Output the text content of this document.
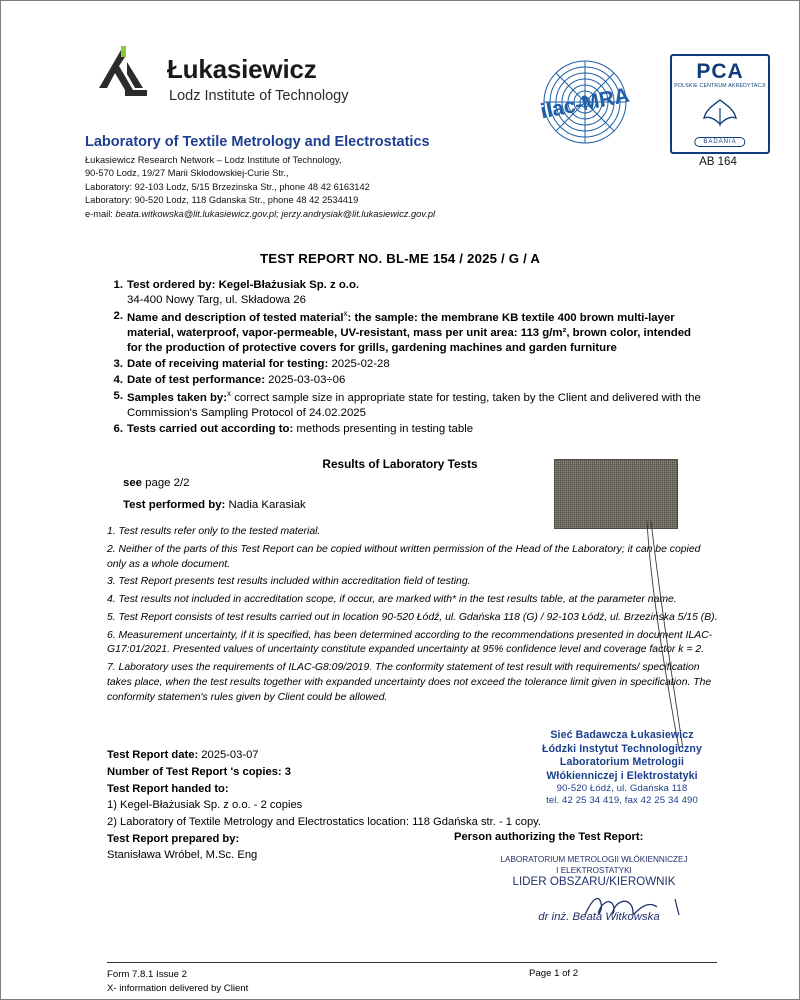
Łukasiewicz
Lodz Institute of Technology	ilac-MRA
PCA
POLSKIE CENTRUM AKREDYTACJI
BADANIA
AB 164
Laboratory of Textile Metrology and Electrostatics
Łukasiewicz Research Network – Lodz Institute of Technology,
90-570 Lodz, 19/27 Marii Skłodowskiej-Curie Str.,
Laboratory: 92-103 Lodz, 5/15 Brzezinska Str., phone 48 42 6163142
Laboratory: 90-520 Lodz, 118 Gdanska Str., phone 48 42 2534419
e-mail: beata.witkowska@lit.lukasiewicz.gov.pl; jerzy.andrysiak@lit.lukasiewicz.gov.pl
TEST REPORT NO. BL-ME 154 / 2025 / G / A
1. Test ordered by: Kegel-Błażusiak Sp. z o.o.
34-400 Nowy Targ, ul. Składowa 26
2. Name and description of tested material$^x$: the sample: the membrane KB textile 400 brown multi-layer material, waterproof, vapor-permeable, UV-resistant, mass per unit area: 113 g/m², brown color, intended for the production of protective covers for grills, gardening machines and garden furniture
3. Date of receiving material for testing: 2025-02-28
4. Date of test performance: 2025-03-03÷06
5. Samples taken by:$^x$ correct sample size in appropriate state for testing, taken by the Client and delivered with the Commission's Sampling Protocol of 24.02.2025
6. Tests carried out according to: methods presenting in testing table
Results of Laboratory Tests
see page 2/2
Test performed by: Nadia Karasiak
1. Test results refer only to the tested material.
2. Neither of the parts of this Test Report can be copied without written permission of the Head of the Laboratory; it can be copied only as a whole document.
3. Test Report presents test results included within accreditation field of testing.
4. Test results not included in accreditation scope, if occur, are marked with* in the test results table, at the parameter name.
5. Test Report consists of test results carried out in location 90-520 Łódź, ul. Gdańska 118 (G) / 92-103 Łódź, ul. Brzezińska 5/15 (B).
6. Measurement uncertainty, if it is specified, has been determined according to the recommendations presented in document ILAC-G17:01/2021. Presented values of uncertainty constitute expanded uncertainty at 95% confidence level and coverage factor k = 2.
7. Laboratory uses the requirements of ILAC-G8:09/2019. The conformity statement of test result with requirements/ specification takes place, when the test results together with expanded uncertainty does not exceed the tolerance limit given in specification. The conformity statemen's rules given by Client could be allowed.
Test Report date: 2025-03-07
Number of Test Report 's copies: 3
Test Report handed to:
1) Kegel-Błażusiak Sp. z o.o. - 2 copies
2) Laboratory of Textile Metrology and Electrostatics location: 118 Gdańska str. - 1 copy.
Test Report prepared by:
Stanisława Wróbel, M.Sc. Eng
Person authorizing the Test Report:
Sieć Badawcza Łukasiewicz
Łódzki Instytut Technologiczny
Laboratorium Metrologii
Włókienniczej i Elektrostatyki
90-520 Łódź, ul. Gdańska 118
tel. 42 25 34 419, fax 42 25 34 490
LABORATORIUM METROLOGII WŁÓKIENNICZEJ
I ELEKTROSTATYKI
LIDER OBSZARU/KIEROWNIK
dr inż. Beata Witkowska
Form 7.8.1 Issue 2
X- information delivered by Client
Page 1 of 2
